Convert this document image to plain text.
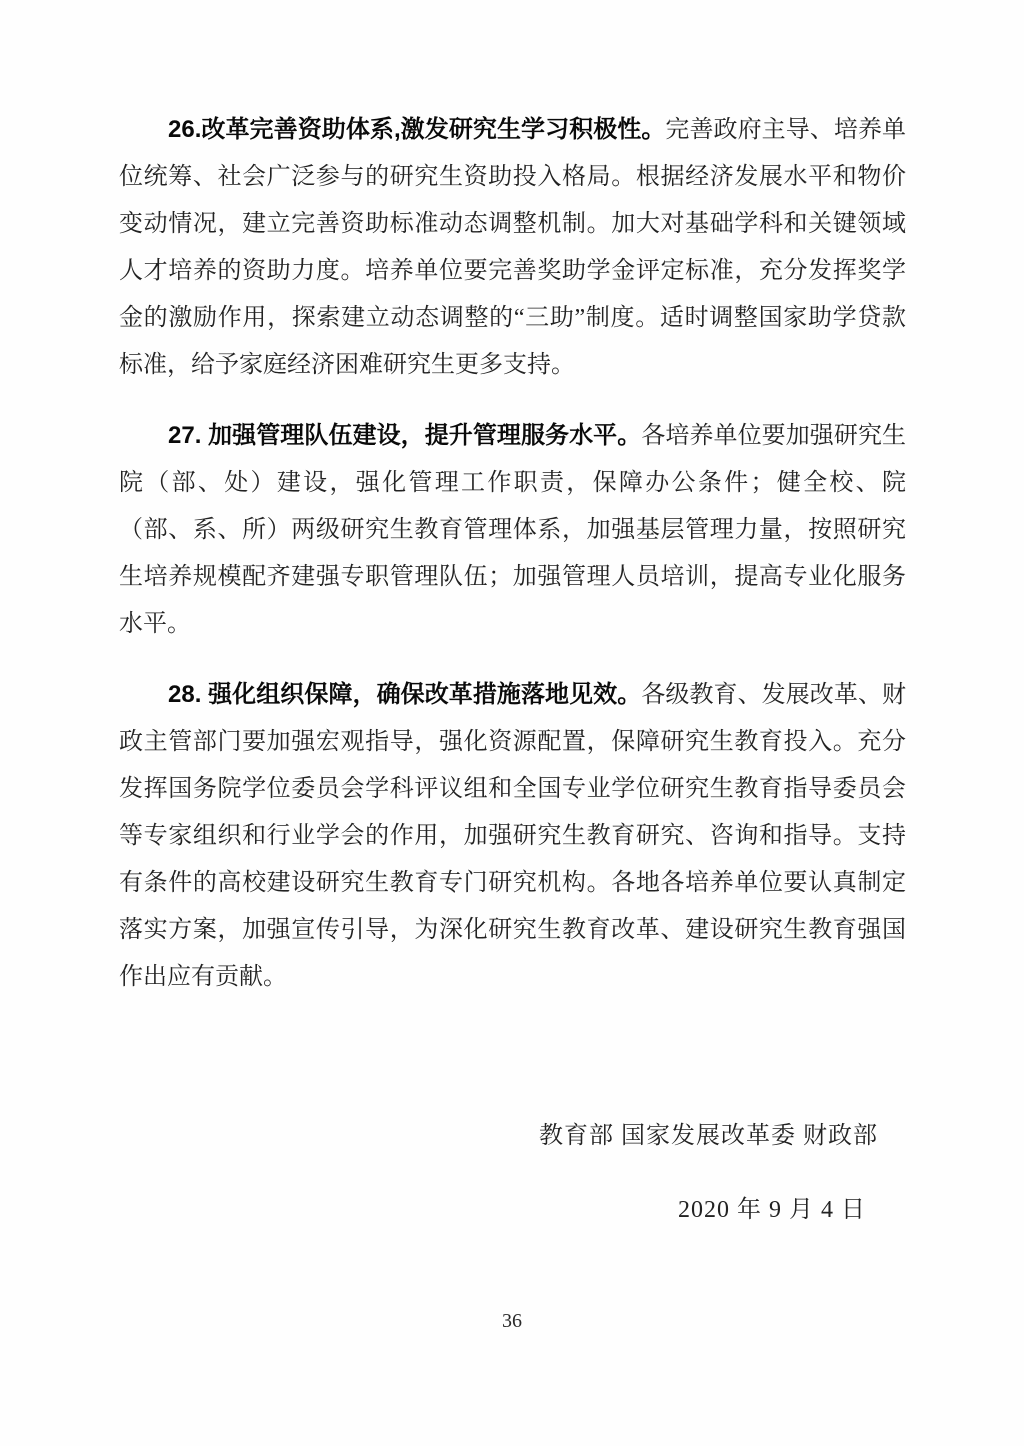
26.改革完善资助体系,激发研究生学习积极性。完善政府主导、培养单位统筹、社会广泛参与的研究生资助投入格局。根据经济发展水平和物价变动情况，建立完善资助标准动态调整机制。加大对基础学科和关键领域人才培养的资助力度。培养单位要完善奖助学金评定标准，充分发挥奖学金的激励作用，探索建立动态调整的“三助”制度。适时调整国家助学贷款标准，给予家庭经济困难研究生更多支持。

27. 加强管理队伍建设，提升管理服务水平。各培养单位要加强研究生院（部、处）建设，强化管理工作职责，保障办公条件；健全校、院（部、系、所）两级研究生教育管理体系，加强基层管理力量，按照研究生培养规模配齐建强专职管理队伍；加强管理人员培训，提高专业化服务水平。

28. 强化组织保障，确保改革措施落地见效。各级教育、发展改革、财政主管部门要加强宏观指导，强化资源配置，保障研究生教育投入。充分发挥国务院学位委员会学科评议组和全国专业学位研究生教育指导委员会等专家组织和行业学会的作用，加强研究生教育研究、咨询和指导。支持有条件的高校建设研究生教育专门研究机构。各地各培养单位要认真制定落实方案，加强宣传引导，为深化研究生教育改革、建设研究生教育强国作出应有贡献。

教育部 国家发展改革委 财政部
2020 年 9 月 4 日
36
